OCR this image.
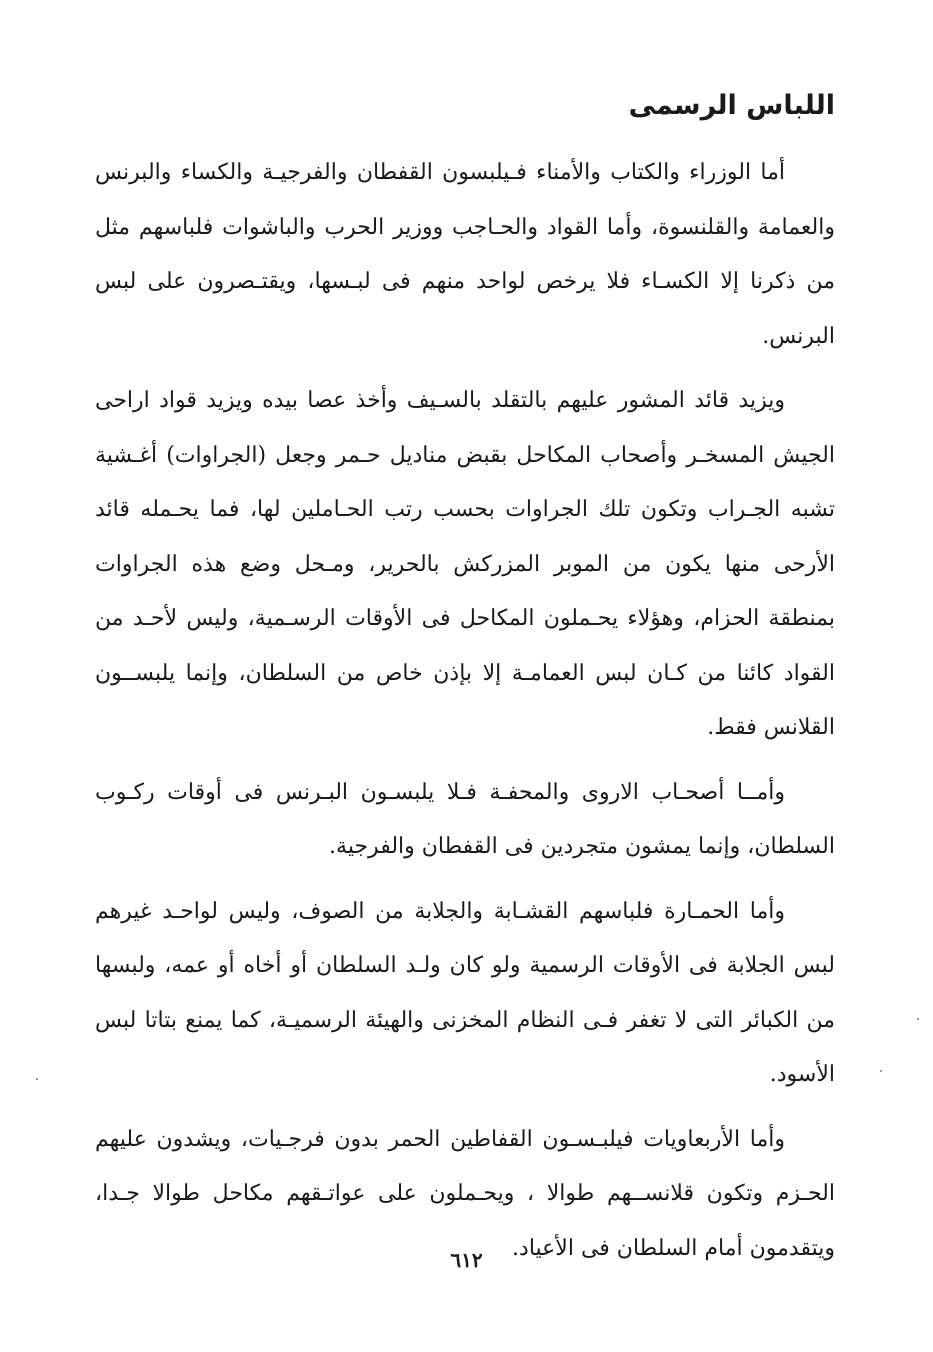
اللباس الرسمى

أما الوزراء والكتاب والأمناء فـيلبسون القفطان والفرجيـة والكساء والبرنس والعمامة والقلنسوة، وأما القواد والحـاجب ووزير الحرب والباشوات فلباسهم مثل من ذكرنا إلا الكسـاء فلا يرخص لواحد منهم فى لبـسها، ويقتـصرون على لبس البرنس.

ويزيد قائد المشور عليهم بالتقلد بالسـيف وأخذ عصا بيده ويزيد قواد اراحى الجيش المسخـر وأصحاب المكاحل بقبض مناديل حـمر وجعل (الجراوات) أغـشية تشبه الجـراب وتكون تلك الجراوات بحسب رتب الحـاملين لها، فما يحـمله قائد الأرحى منها يكون من الموبر المزركش بالحرير، ومـحل وضع هذه الجراوات بمنطقة الحزام، وهؤلاء يحـملون المكاحل فى الأوقات الرسـمية، وليس لأحـد من القواد كائنا من كـان لبس العمامـة إلا بإذن خاص من السلطان، وإنما يلبســون القلانس فقط.

وأمــا أصحـاب الاروى والمحفـة فـلا يلبسـون البـرنس فى أوقات ركـوب السلطان، وإنما يمشون متجردين فى القفطان والفرجية.

وأما الحمـارة فلباسهم القشـابة والجلابة من الصوف، وليس لواحـد غيرهم لبس الجلابة فى الأوقات الرسمية ولو كان ولـد السلطان أو أخاه أو عمه، ولبسها من الكبائر التى لا تغفر فـى النظام المخزنى والهيئة الرسميـة، كما يمنع بتاتا لبس الأسود.

وأما الأربعاويات فيلبـسـون القفاطين الحمر بدون فرجـيات، ويشدون عليهم الحـزم وتكون قلانســهم طوالا ، ويحـملون على عواتـقهم مكاحل طوالا جـدا، ويتقدمون أمام السلطان فى الأعياد.

٦١٢
